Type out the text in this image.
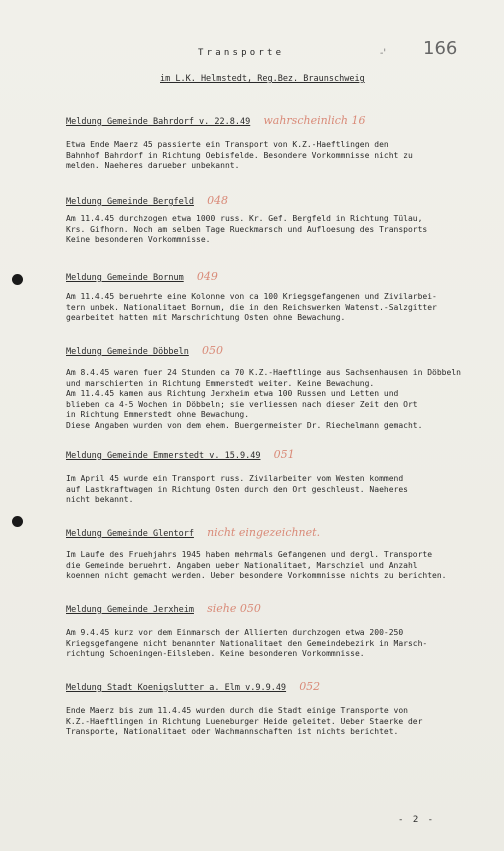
Transporte	-' 166
im L.K. Helmstedt, Reg.Bez. Braunschweig
Meldung Gemeinde Bahrdorf v. 22.8.49 wahrscheinlich 16
Etwa Ende Maerz 45 passierte ein Transport von K.Z.-Haeftlingen den
Bahnhof Bahrdorf in Richtung Oebisfelde. Besondere Vorkommnisse nicht zu
melden. Naeheres darueber unbekannt.
Meldung Gemeinde Bergfeld 048
Am 11.4.45 durchzogen etwa 1000 russ. Kr. Gef. Bergfeld in Richtung Tülau,
Krs. Gifhorn. Noch am selben Tage Rueckmarsch und Aufloesung des Transports
Keine besonderen Vorkommnisse.
Meldung Gemeinde Bornum 049
Am 11.4.45 beruehrte eine Kolonne von ca 100 Kriegsgefangenen und Zivilarbei-
tern unbek. Nationalitaet Bornum, die in den Reichswerken Watenst.-Salzgitter
gearbeitet hatten mit Marschrichtung Osten ohne Bewachung.
Meldung Gemeinde Döbbeln 050
Am 8.4.45 waren fuer 24 Stunden ca 70 K.Z.-Haeftlinge aus Sachsenhausen in Döbbeln
und marschierten in Richtung Emmerstedt weiter. Keine Bewachung.
Am 11.4.45 kamen aus Richtung Jerxheim etwa 100 Russen und Letten und
blieben ca 4-5 Wochen in Döbbeln; sie verliessen nach dieser Zeit den Ort
in Richtung Emmerstedt ohne Bewachung.
Diese Angaben wurden von dem ehem. Buergermeister Dr. Riechelmann gemacht.
Meldung Gemeinde Emmerstedt v. 15.9.49 051
Im April 45 wurde ein Transport russ. Zivilarbeiter vom Westen kommend
auf Lastkraftwagen in Richtung Osten durch den Ort geschleust. Naeheres
nicht bekannt.
Meldung Gemeinde Glentorf nicht eingezeichnet.
Im Laufe des Fruehjahrs 1945 haben mehrmals Gefangenen und dergl. Transporte
die Gemeinde beruehrt. Angaben ueber Nationalitaet, Marschziel und Anzahl
koennen nicht gemacht werden. Ueber besondere Vorkommnisse nichts zu berichten.
Meldung Gemeinde Jerxheim siehe 050
Am 9.4.45 kurz vor dem Einmarsch der Allierten durchzogen etwa 200-250
Kriegsgefangene nicht benannter Nationalitaet den Gemeindebezirk in Marsch-
richtung Schoeningen-Eilsleben. Keine besonderen Vorkommnisse.
Meldung Stadt Koenigslutter a. Elm v.9.9.49 052
Ende Maerz bis zum 11.4.45 wurden durch die Stadt einige Transporte von
K.Z.-Haeftlingen in Richtung Lueneburger Heide geleitet. Ueber Staerke der
Transporte, Nationalitaet oder Wachmannschaften ist nichts berichtet.
- 2 -
